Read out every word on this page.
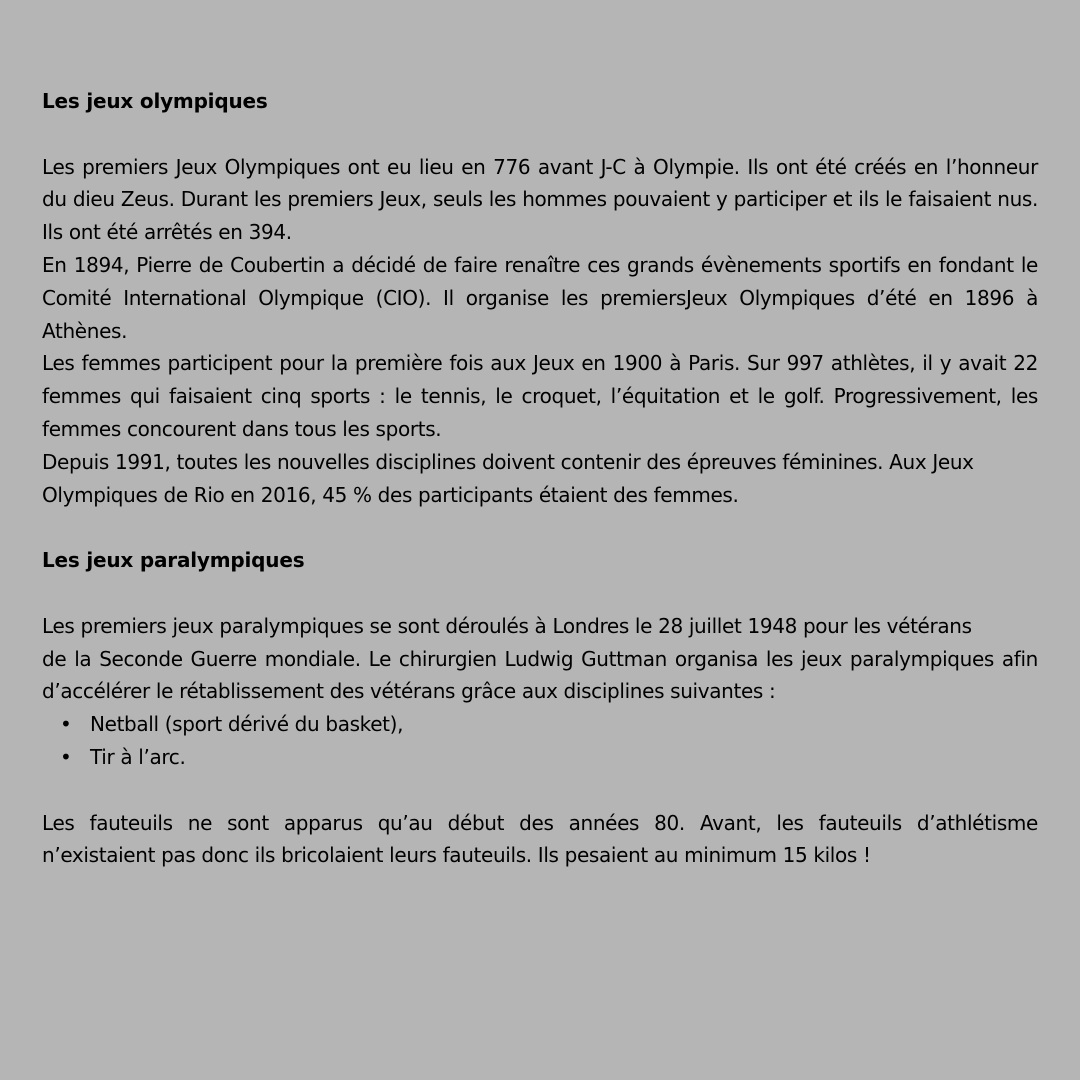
Les jeux olympiques

Les premiers Jeux Olympiques ont eu lieu en 776 avant J-C à Olympie. Ils ont été créés en l’honneur du dieu Zeus. Durant les premiers Jeux, seuls les hommes pouvaient y participer et ils le faisaient nus. Ils ont été arrêtés en 394.

En 1894, Pierre de Coubertin a décidé de faire renaître ces grands évènements sportifs en fondant le Comité International Olympique (CIO). Il organise les premiersJeux Olympiques d’été en 1896 à Athènes.

Les femmes participent pour la première fois aux Jeux en 1900 à Paris. Sur 997 athlètes, il y avait 22 femmes qui faisaient cinq sports : le tennis, le croquet, l’équitation et le golf. Progressivement, les femmes concourent dans tous les sports.

Depuis 1991, toutes les nouvelles disciplines doivent contenir des épreuves féminines. Aux Jeux

Olympiques de Rio en 2016, 45 % des participants étaient des femmes.

Les jeux paralympiques

Les premiers jeux paralympiques se sont déroulés à Londres le 28 juillet 1948 pour les vétérans

de la Seconde Guerre mondiale. Le chirurgien Ludwig Guttman organisa les jeux paralympiques afin d’accélérer le rétablissement des vétérans grâce aux disciplines suivantes :

• Netball (sport dérivé du basket),
• Tir à l’arc.

Les fauteuils ne sont apparus qu’au début des années 80. Avant, les fauteuils d’athlétisme n’existaient pas donc ils bricolaient leurs fauteuils. Ils pesaient au minimum 15 kilos !
